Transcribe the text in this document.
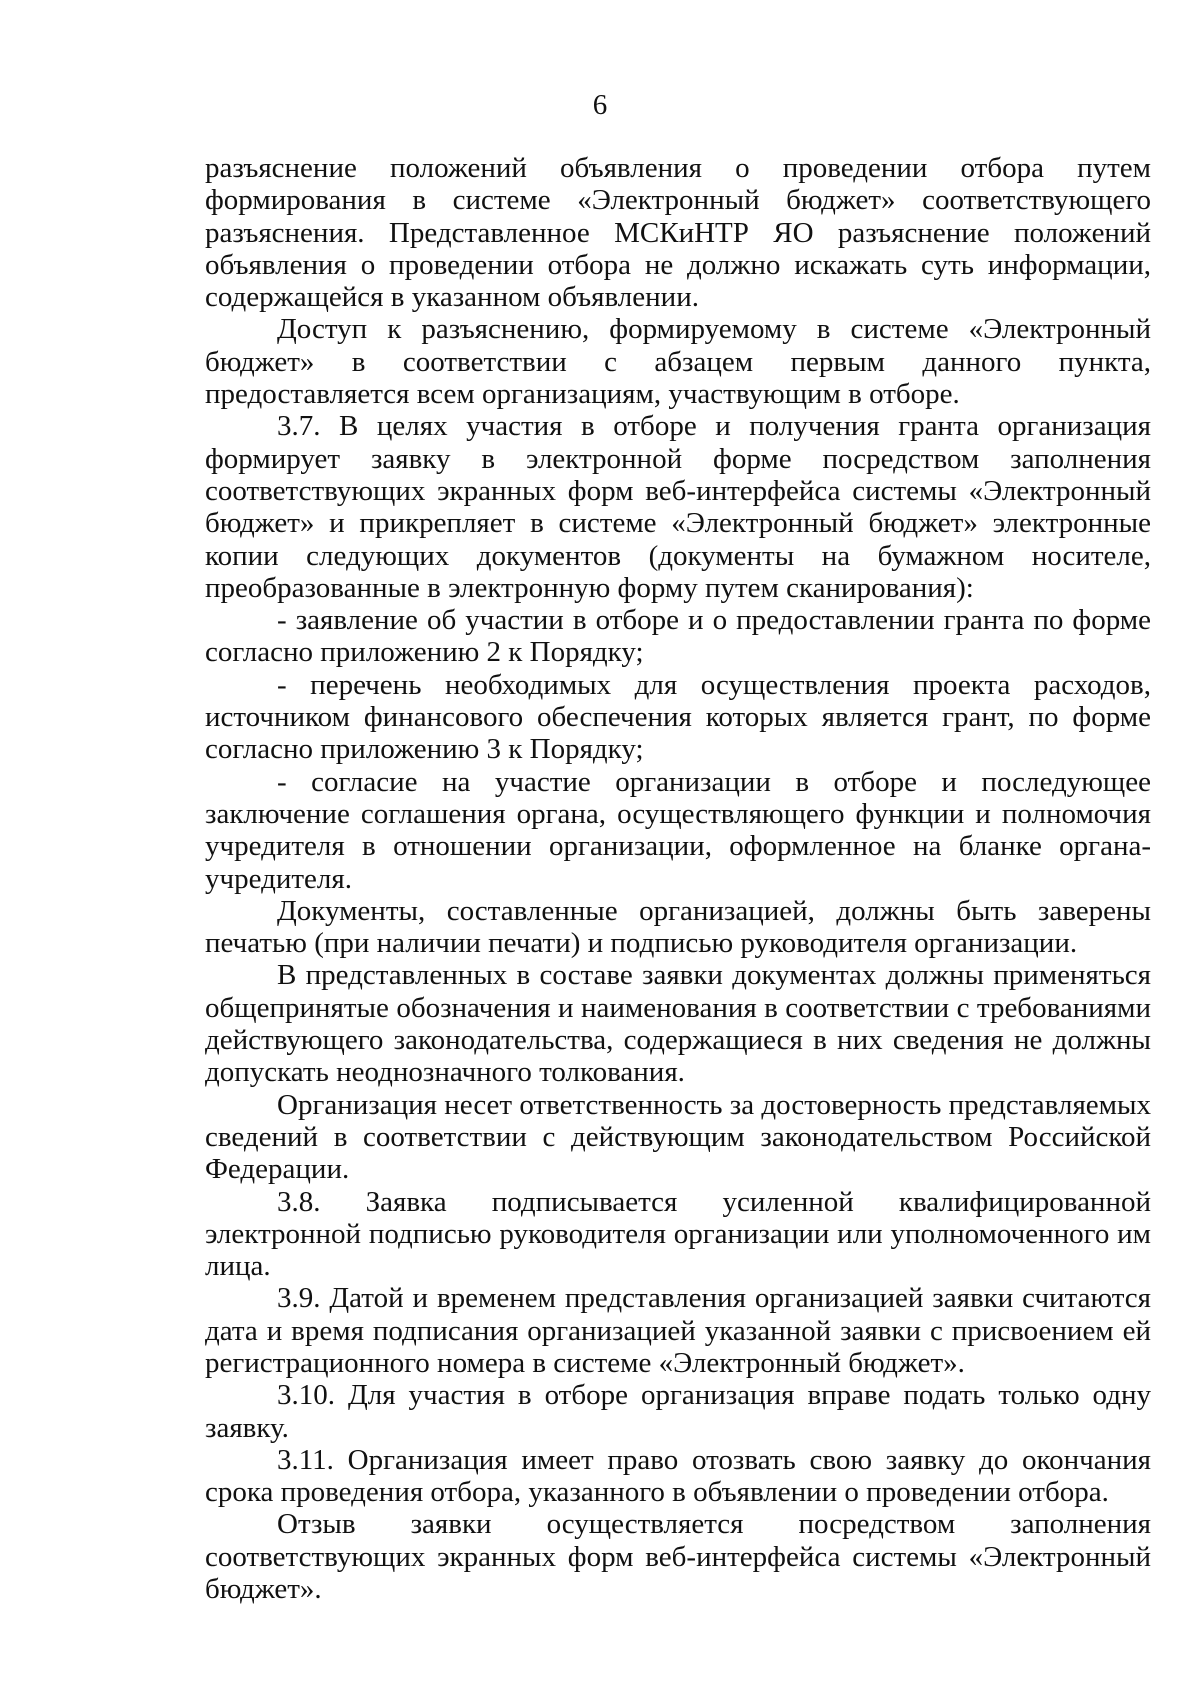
6

разъяснение положений объявления о проведении отбора путем формирования в системе «Электронный бюджет» соответствующего разъяснения. Представленное МСКиНТР ЯО разъяснение положений объявления о проведении отбора не должно искажать суть информации, содержащейся в указанном объявлении.

Доступ к разъяснению, формируемому в системе «Электронный бюджет» в соответствии с абзацем первым данного пункта, предоставляется всем организациям, участвующим в отборе.

3.7. В целях участия в отборе и получения гранта организация формирует заявку в электронной форме посредством заполнения соответствующих экранных форм веб-интерфейса системы «Электронный бюджет» и прикрепляет в системе «Электронный бюджет» электронные копии следующих документов (документы на бумажном носителе, преобразованные в электронную форму путем сканирования):

- заявление об участии в отборе и о предоставлении гранта по форме согласно приложению 2 к Порядку;

- перечень необходимых для осуществления проекта расходов, источником финансового обеспечения которых является грант, по форме согласно приложению 3 к Порядку;

- согласие на участие организации в отборе и последующее заключение соглашения органа, осуществляющего функции и полномочия учредителя в отношении организации, оформленное на бланке органа-учредителя.

Документы, составленные организацией, должны быть заверены печатью (при наличии печати) и подписью руководителя организации.

В представленных в составе заявки документах должны применяться общепринятые обозначения и наименования в соответствии с требованиями действующего законодательства, содержащиеся в них сведения не должны допускать неоднозначного толкования.

Организация несет ответственность за достоверность представляемых сведений в соответствии с действующим законодательством Российской Федерации.

3.8. Заявка подписывается усиленной квалифицированной электронной подписью руководителя организации или уполномоченного им лица.

3.9. Датой и временем представления организацией заявки считаются дата и время подписания организацией указанной заявки с присвоением ей регистрационного номера в системе «Электронный бюджет».

3.10. Для участия в отборе организация вправе подать только одну заявку.

3.11. Организация имеет право отозвать свою заявку до окончания срока проведения отбора, указанного в объявлении о проведении отбора.

Отзыв заявки осуществляется посредством заполнения соответствующих экранных форм веб-интерфейса системы «Электронный бюджет».
